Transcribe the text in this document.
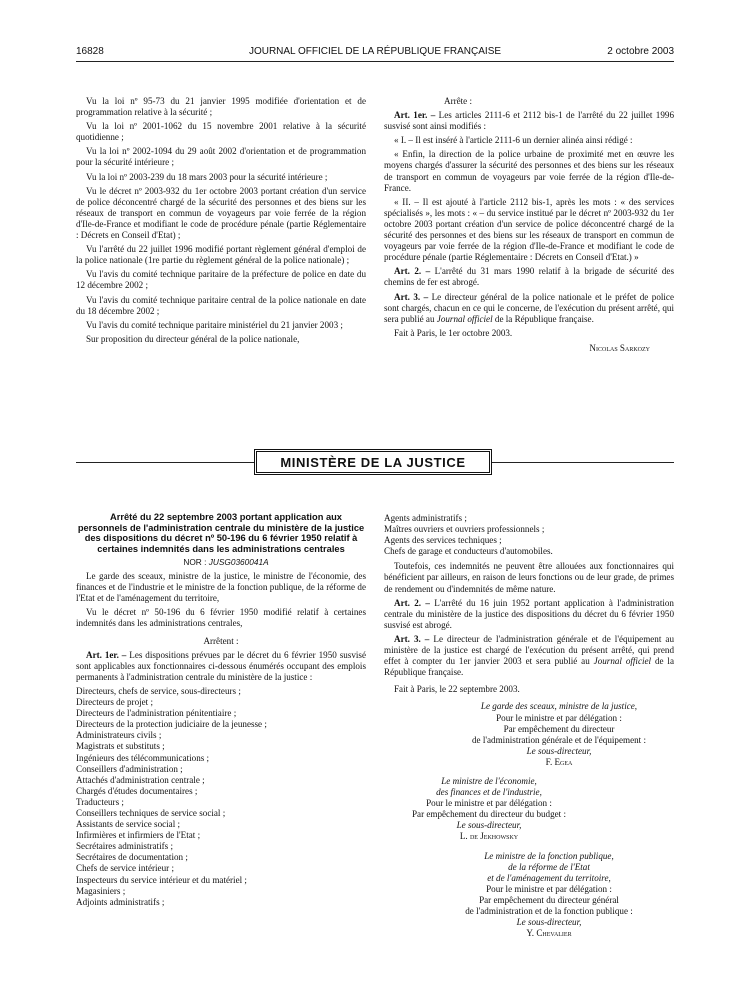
16828	JOURNAL OFFICIEL DE LA RÉPUBLIQUE FRANÇAISE	2 octobre 2003

Vu la loi nº 95-73 du 21 janvier 1995 modifiée d'orientation et de programmation relative à la sécurité ;

Vu la loi nº 2001-1062 du 15 novembre 2001 relative à la sécurité quotidienne ;

Vu la loi nº 2002-1094 du 29 août 2002 d'orientation et de programmation pour la sécurité intérieure ;

Vu la loi nº 2003-239 du 18 mars 2003 pour la sécurité intérieure ;

Vu le décret nº 2003-932 du 1er octobre 2003 portant création d'un service de police déconcentré chargé de la sécurité des personnes et des biens sur les réseaux de transport en commun de voyageurs par voie ferrée de la région d'Ile-de-France et modifiant le code de procédure pénale (partie Réglementaire : Décrets en Conseil d'Etat) ;

Vu l'arrêté du 22 juillet 1996 modifié portant règlement général d'emploi de la police nationale (1re partie du règlement général de la police nationale) ;

Vu l'avis du comité technique paritaire de la préfecture de police en date du 12 décembre 2002 ;

Vu l'avis du comité technique paritaire central de la police nationale en date du 18 décembre 2002 ;

Vu l'avis du comité technique paritaire ministériel du 21 janvier 2003 ;

Sur proposition du directeur général de la police nationale,

Arrête :

Art. 1er. – Les articles 2111-6 et 2112 bis-1 de l'arrêté du 22 juillet 1996 susvisé sont ainsi modifiés :

« I. – Il est inséré à l'article 2111-6 un dernier alinéa ainsi rédigé :

« Enfin, la direction de la police urbaine de proximité met en œuvre les moyens chargés d'assurer la sécurité des personnes et des biens sur les réseaux de transport en commun de voyageurs par voie ferrée de la région d'Ile-de-France.

« II. – Il est ajouté à l'article 2112 bis-1, après les mots : « des services spécialisés », les mots : « – du service institué par le décret nº 2003-932 du 1er octobre 2003 portant création d'un service de police déconcentré chargé de la sécurité des personnes et des biens sur les réseaux de transport en commun de voyageurs par voie ferrée de la région d'Ile-de-France et modifiant le code de procédure pénale (partie Réglementaire : Décrets en Conseil d'Etat.) »

Art. 2. – L'arrêté du 31 mars 1990 relatif à la brigade de sécurité des chemins de fer est abrogé.

Art. 3. – Le directeur général de la police nationale et le préfet de police sont chargés, chacun en ce qui le concerne, de l'exécution du présent arrêté, qui sera publié au Journal officiel de la République française.

Fait à Paris, le 1er octobre 2003.

Nicolas Sarkozy

MINISTÈRE DE LA JUSTICE

Arrêté du 22 septembre 2003 portant application aux personnels de l'administration centrale du ministère de la justice des dispositions du décret nº 50-196 du 6 février 1950 relatif à certaines indemnités dans les administrations centrales

NOR : JUSG0360041A

Le garde des sceaux, ministre de la justice, le ministre de l'économie, des finances et de l'industrie et le ministre de la fonction publique, de la réforme de l'Etat et de l'aménagement du territoire,

Vu le décret nº 50-196 du 6 février 1950 modifié relatif à certaines indemnités dans les administrations centrales,

Arrêtent :

Art. 1er. – Les dispositions prévues par le décret du 6 février 1950 susvisé sont applicables aux fonctionnaires ci-dessous énumérés occupant des emplois permanents à l'administration centrale du ministère de la justice :

Directeurs, chefs de service, sous-directeurs ;
Directeurs de projet ;
Directeurs de l'administration pénitentiaire ;
Directeurs de la protection judiciaire de la jeunesse ;
Administrateurs civils ;
Magistrats et substituts ;
Ingénieurs des télécommunications ;
Conseillers d'administration ;
Attachés d'administration centrale ;
Chargés d'études documentaires ;
Traducteurs ;
Conseillers techniques de service social ;
Assistants de service social ;
Infirmières et infirmiers de l'Etat ;
Secrétaires administratifs ;
Secrétaires de documentation ;
Chefs de service intérieur ;
Inspecteurs du service intérieur et du matériel ;
Magasiniers ;
Adjoints administratifs ;
Agents administratifs ;
Maîtres ouvriers et ouvriers professionnels ;
Agents des services techniques ;
Chefs de garage et conducteurs d'automobiles.

Toutefois, ces indemnités ne peuvent être allouées aux fonctionnaires qui bénéficient par ailleurs, en raison de leurs fonctions ou de leur grade, de primes de rendement ou d'indemnités de même nature.

Art. 2. – L'arrêté du 16 juin 1952 portant application à l'administration centrale du ministère de la justice des dispositions du décret du 6 février 1950 susvisé est abrogé.

Art. 3. – Le directeur de l'administration générale et de l'équipement au ministère de la justice est chargé de l'exécution du présent arrêté, qui prend effet à compter du 1er janvier 2003 et sera publié au Journal officiel de la République française.

Fait à Paris, le 22 septembre 2003.

Le garde des sceaux, ministre de la justice,
Pour le ministre et par délégation :
Par empêchement du directeur
de l'administration générale et de l'équipement :
Le sous-directeur,
F. Egea
Le ministre de l'économie,
des finances et de l'industrie,
Pour le ministre et par délégation :
Par empêchement du directeur du budget :
Le sous-directeur,
L. de Jekhowsky
Le ministre de la fonction publique,
de la réforme de l'Etat
et de l'aménagement du territoire,
Pour le ministre et par délégation :
Par empêchement du directeur général
de l'administration et de la fonction publique :
Le sous-directeur,
Y. Chevalier
